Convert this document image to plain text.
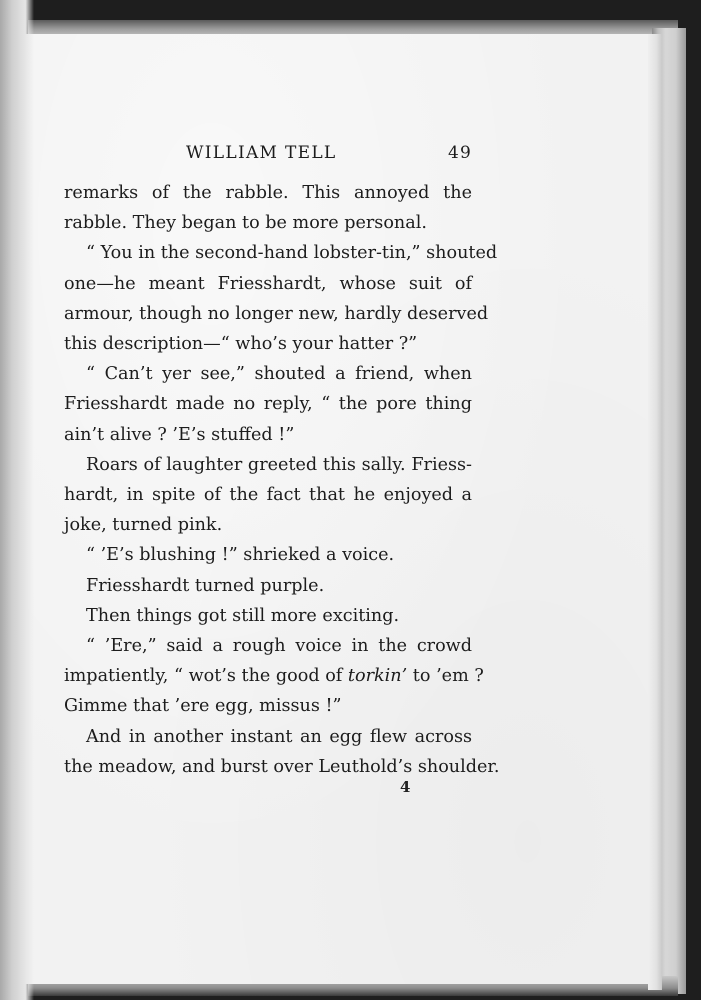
WILLIAM TELL	49
remarks of the rabble. This annoyed the
rabble. They began to be more personal.
“ You in the second-hand lobster-tin,” shouted
one—he meant Friesshardt, whose suit of
armour, though no longer new, hardly deserved
this description—“ who’s your hatter ?”
“ Can’t yer see,” shouted a friend, when
Friesshardt made no reply, “ the pore thing
ain’t alive ? ’E’s stuffed !”
Roars of laughter greeted this sally. Friess-
hardt, in spite of the fact that he enjoyed a
joke, turned pink.
“ ’E’s blushing !” shrieked a voice.
Friesshardt turned purple.
Then things got still more exciting.
“ ’Ere,” said a rough voice in the crowd
impatiently, “ wot’s the good of torkin’ to ’em ?
Gimme that ’ere egg, missus !”
And in another instant an egg flew across
the meadow, and burst over Leuthold’s shoulder.
4
